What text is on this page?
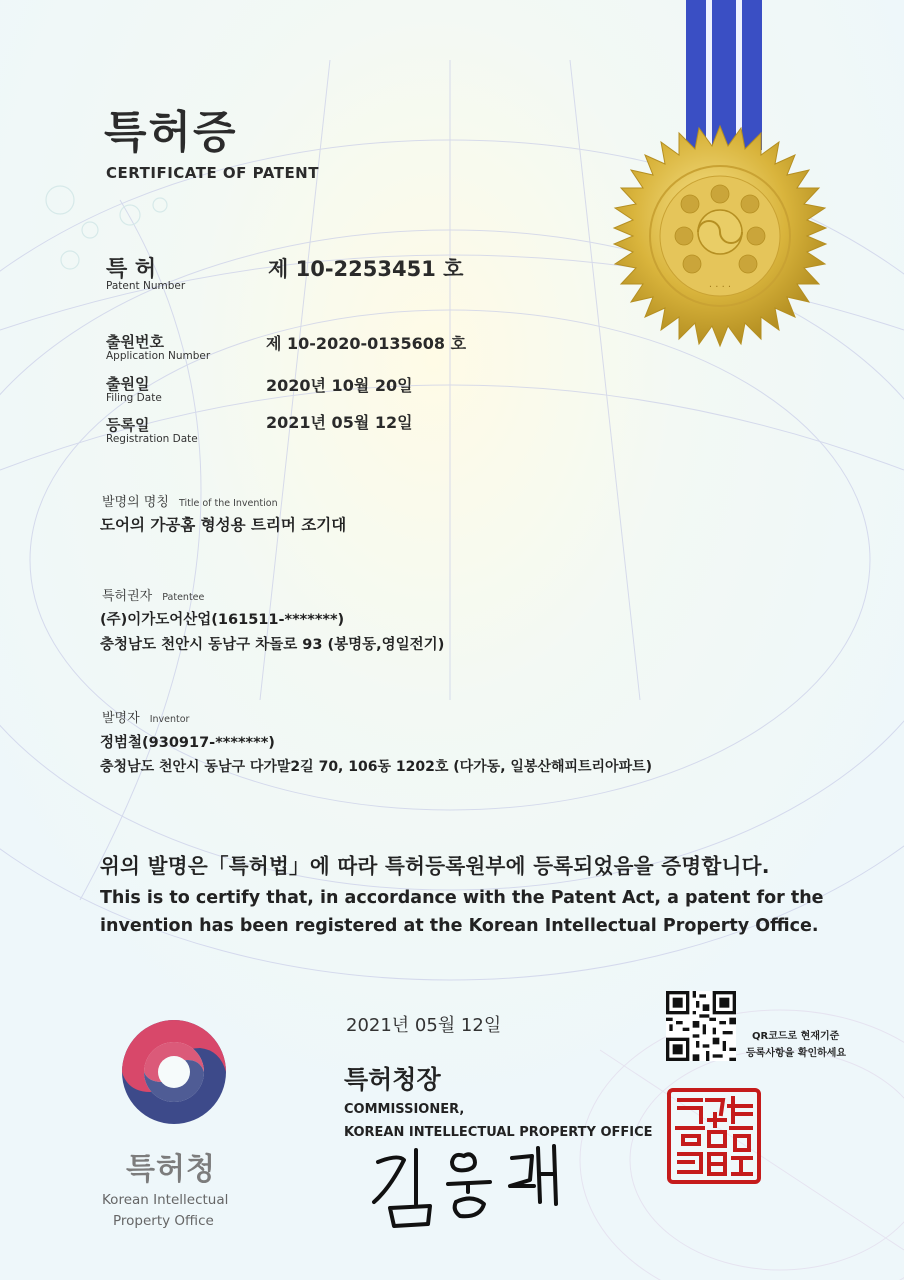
· · · ·
특허증
CERTIFICATE OF PATENT
특 허
Patent Number
제 10-2253451 호
출원번호
Application Number
제 10-2020-0135608 호
출원일
Filing Date
2020년 10월 20일
등록일
Registration Date
2021년 05월 12일
발명의 명칭 Title of the Invention
도어의 가공홈 형성용 트리머 조기대
특허권자 Patentee
(주)이가도어산업(161511-*******)
충청남도 천안시 동남구 차돌로 93 (봉명동,영일전기)
발명자 Inventor
정범철(930917-*******)
충청남도 천안시 동남구 다가말2길 70, 106동 1202호 (다가동, 일봉산해피트리아파트)
위의 발명은「특허법」에 따라 특허등록원부에 등록되었음을 증명합니다.
This is to certify that, in accordance with the Patent Act, a patent for the
invention has been registered at the Korean Intellectual Property Office.
2021년 05월 12일
특허청장
COMMISSIONER,
KOREAN INTELLECTUAL PROPERTY OFFICE
QR코드로 현재기준
등록사항을 확인하세요
특허청
Korean Intellectual
Property Office
